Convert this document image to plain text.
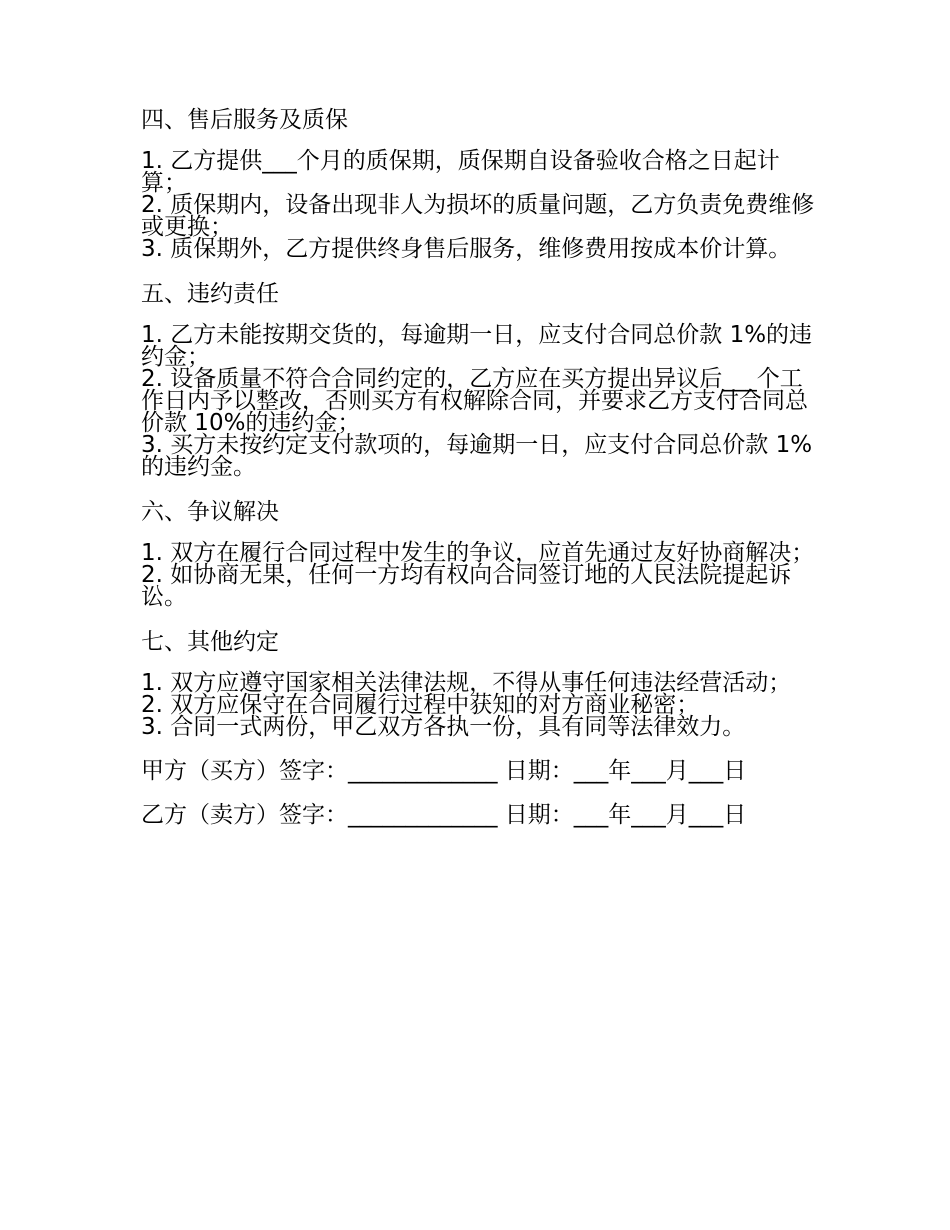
四、售后服务及质保

1. 乙方提供___个月的质保期，质保期自设备验收合格之日起计算；

2. 质保期内，设备出现非人为损坏的质量问题，乙方负责免费维修或更换；

3. 质保期外，乙方提供终身售后服务，维修费用按成本价计算。

五、违约责任

1. 乙方未能按期交货的，每逾期一日，应支付合同总价款 1%的违约金；

2. 设备质量不符合合同约定的，乙方应在买方提出异议后___个工作日内予以整改，否则买方有权解除合同，并要求乙方支付合同总价款 10%的违约金；

3. 买方未按约定支付款项的，每逾期一日，应支付合同总价款 1%的违约金。

六、争议解决

1. 双方在履行合同过程中发生的争议，应首先通过友好协商解决；

2. 如协商无果，任何一方均有权向合同签订地的人民法院提起诉讼。

七、其他约定

1. 双方应遵守国家相关法律法规，不得从事任何违法经营活动；

2. 双方应保守在合同履行过程中获知的对方商业秘密；

3. 合同一式两份，甲乙双方各执一份，具有同等法律效力。

甲方（买方）签字：_____________ 日期：___年___月___日
乙方（卖方）签字：_____________ 日期：___年___月___日
